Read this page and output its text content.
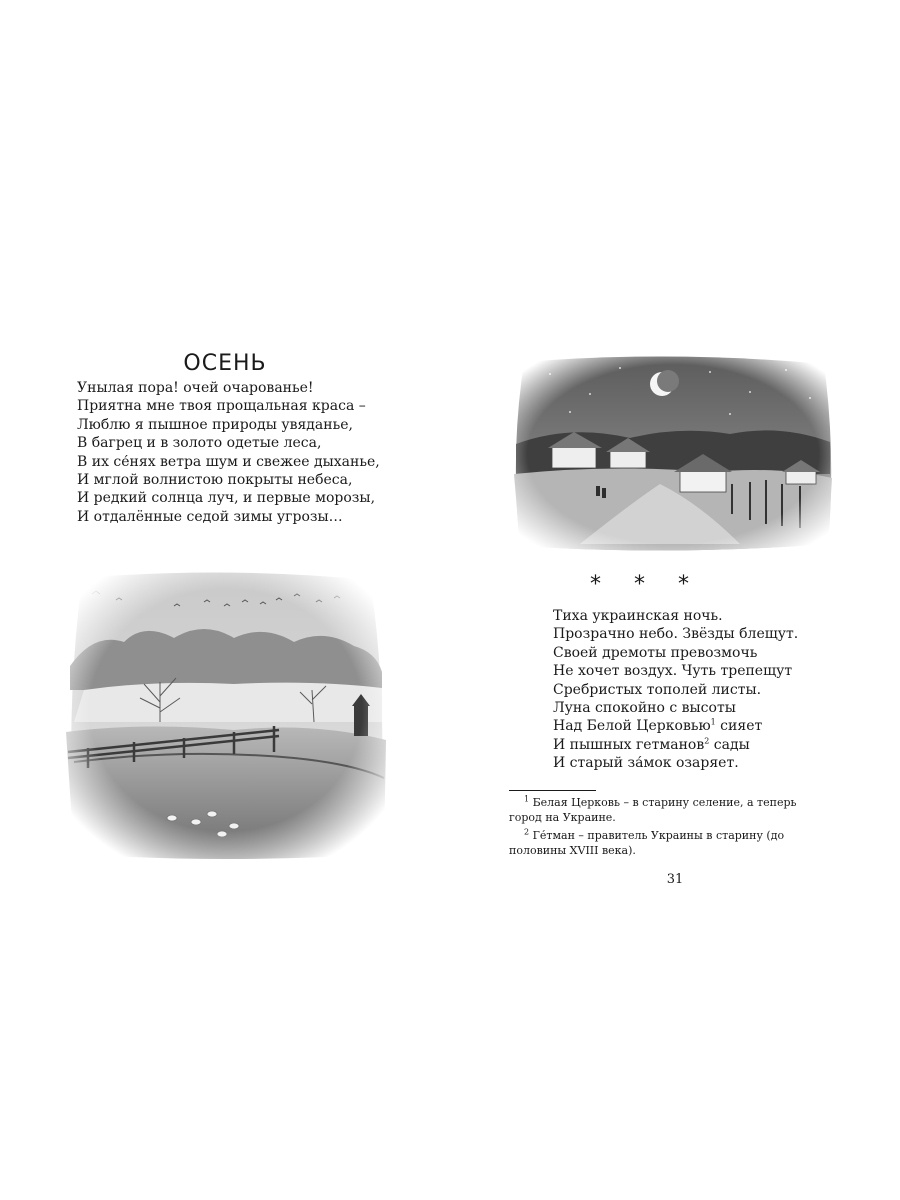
ОСЕНЬ
Унылая пора! очей очарованье!
Приятна мне твоя прощальная краса –
Люблю я пышное природы увяданье,
В багрец и в золото одетые леса,
В их се́нях ветра шум и свежее дыханье,
И мглой волнистою покрыты небеса,
И редкий солнца луч, и первые морозы,
И отдалённые седой зимы угрозы…
* * *
Тиха украинская ночь.
Прозрачно небо. Звёзды блещут.
Своей дремоты превозмочь
Не хочет воздух. Чуть трепещут
Сребристых тополей листы.
Луна спокойно с высоты
Над Белой Церковью$^1$ сияет
И пышных гетманов$^2$ сады
И старый за́мок озаряет.

$^1$ Белая Церковь – в старину селение, а теперь город на Украине.

$^2$ Ге́тман – правитель Украины в старину (до половины XVIII века).

31
